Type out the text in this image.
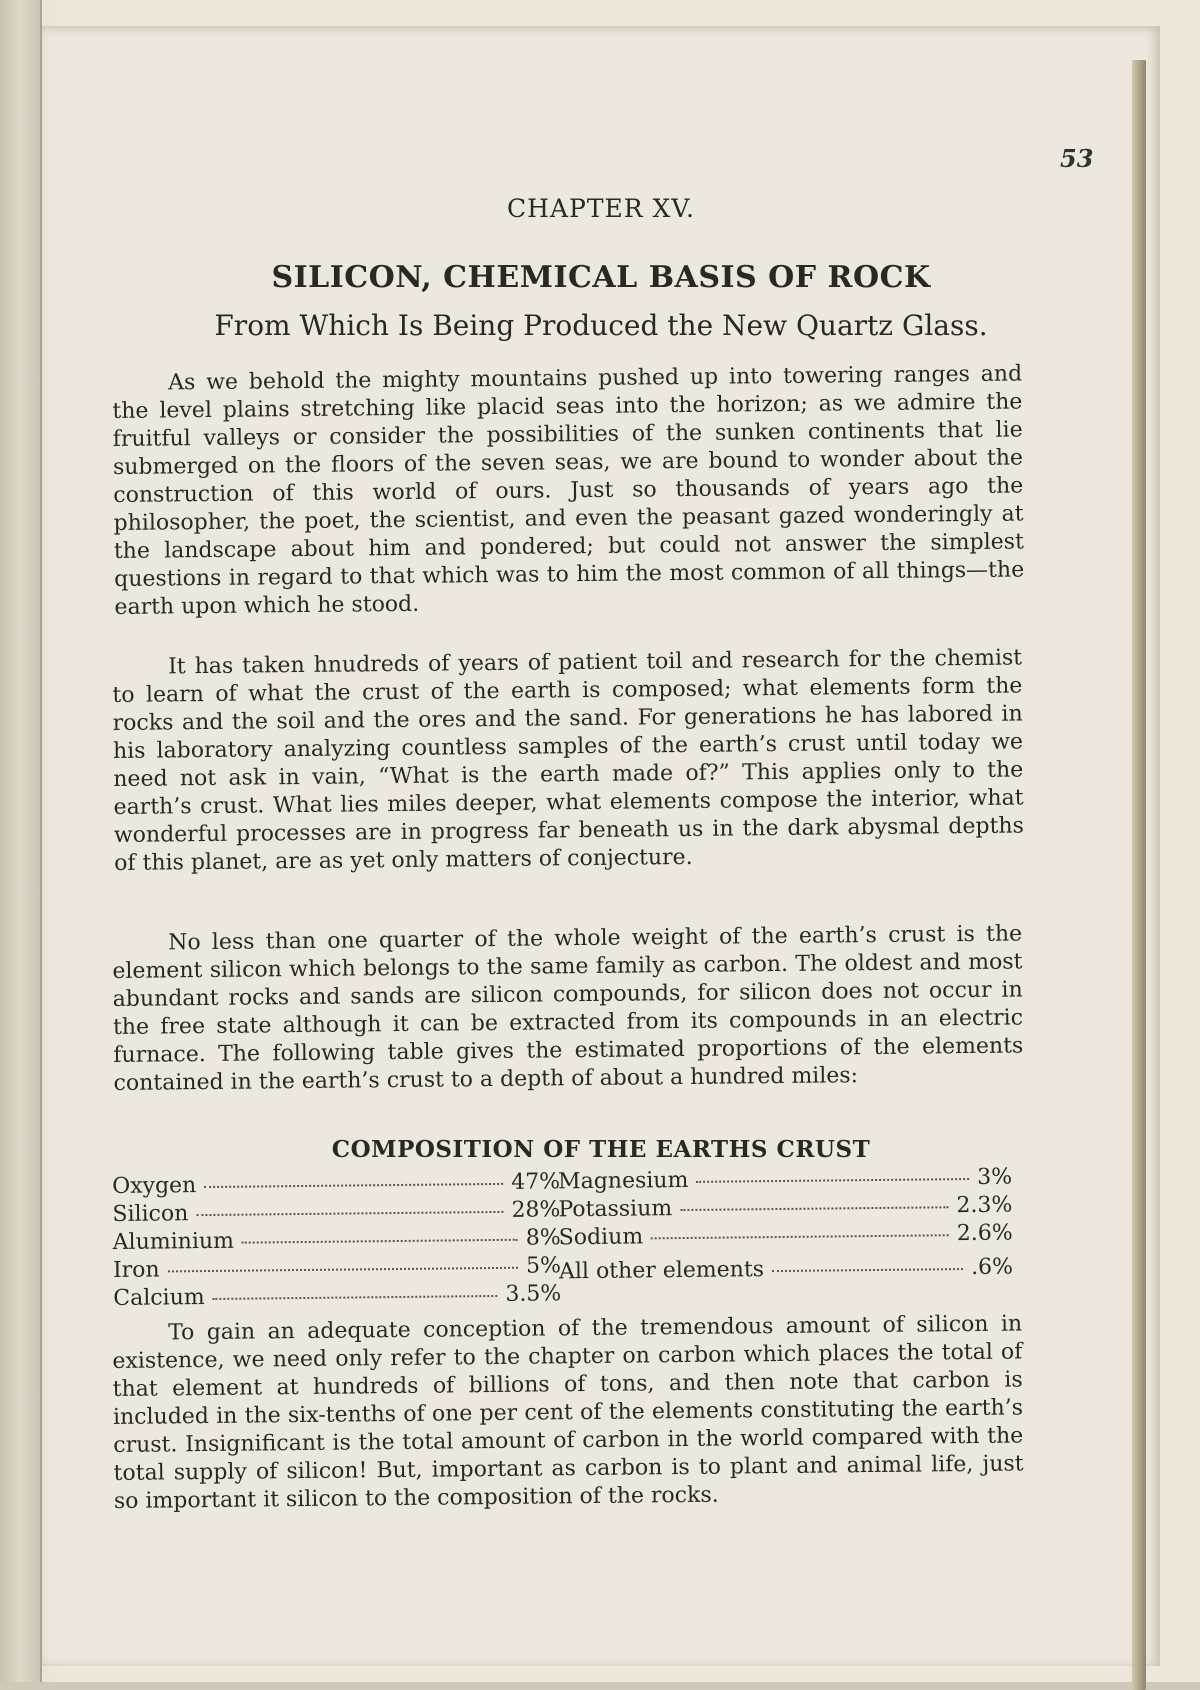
53
CHAPTER XV.
SILICON, CHEMICAL BASIS OF ROCK
From Which Is Being Produced the New Quartz Glass.

As we behold the mighty mountains pushed up into towering ranges and the level plains stretching like placid seas into the horizon; as we admire the fruitful valleys or consider the possibilities of the sunken continents that lie submerged on the floors of the seven seas, we are bound to wonder about the construction of this world of ours. Just so thousands of years ago the philosopher, the poet, the scientist, and even the peasant gazed wonderingly at the landscape about him and pondered; but could not answer the simplest questions in regard to that which was to him the most common of all things—the earth upon which he stood.

It has taken hnudreds of years of patient toil and research for the chemist to learn of what the crust of the earth is composed; what elements form the rocks and the soil and the ores and the sand. For generations he has labored in his laboratory analyzing countless samples of the earth’s crust until today we need not ask in vain, “What is the earth made of?” This applies only to the earth’s crust. What lies miles deeper, what elements compose the interior, what wonderful processes are in progress far beneath us in the dark abysmal depths of this planet, are as yet only matters of conjecture.

No less than one quarter of the whole weight of the earth’s crust is the element silicon which belongs to the same family as carbon. The oldest and most abundant rocks and sands are silicon compounds, for silicon does not occur in the free state although it can be extracted from its compounds in an electric furnace. The following table gives the estimated proportions of the elements contained in the earth’s crust to a depth of about a hundred miles:

COMPOSITION OF THE EARTHS CRUST
Oxygen	47%
Silicon	28%
Aluminium	8%
Iron	5%
Calcium	3.5%
Magnesium	3%
Potassium	2.3%
Sodium	2.6%
All other elements	.6%

To gain an adequate conception of the tremendous amount of silicon in existence, we need only refer to the chapter on carbon which places the total of that element at hundreds of billions of tons, and then note that carbon is included in the six-tenths of one per cent of the elements constituting the earth’s crust. Insignificant is the total amount of carbon in the world compared with the total supply of silicon! But, important as carbon is to plant and animal life, just so important it silicon to the composition of the rocks.
